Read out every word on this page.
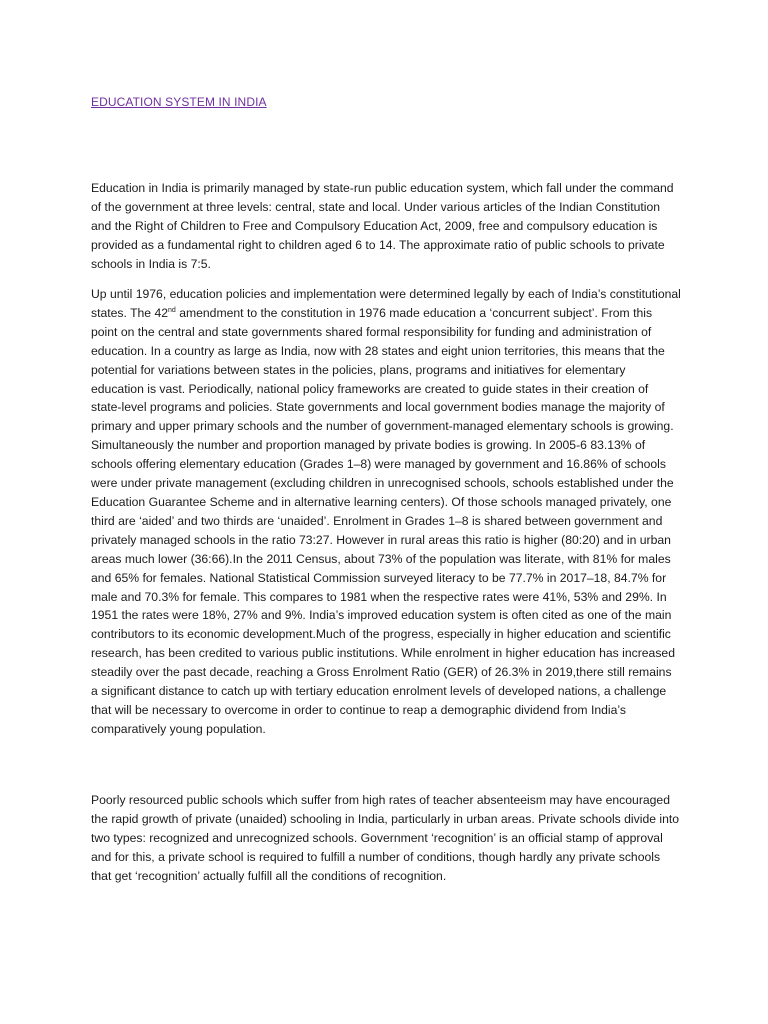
EDUCATION SYSTEM IN INDIA

Education in India is primarily managed by state-run public education system, which fall under the command of the government at three levels: central, state and local. Under various articles of the Indian Constitution and the Right of Children to Free and Compulsory Education Act, 2009, free and compulsory education is provided as a fundamental right to children aged 6 to 14. The approximate ratio of public schools to private schools in India is 7:5.

Up until 1976, education policies and implementation were determined legally by each of India’s constitutional states. The 42nd amendment to the constitution in 1976 made education a ‘concurrent subject’. From this point on the central and state governments shared formal responsibility for funding and administration of education. In a country as large as India, now with 28 states and eight union territories, this means that the potential for variations between states in the policies, plans, programs and initiatives for elementary education is vast. Periodically, national policy frameworks are created to guide states in their creation of state-level programs and policies. State governments and local government bodies manage the majority of primary and upper primary schools and the number of government-managed elementary schools is growing. Simultaneously the number and proportion managed by private bodies is growing. In 2005-6 83.13% of schools offering elementary education (Grades 1–8) were managed by government and 16.86% of schools were under private management (excluding children in unrecognised schools, schools established under the Education Guarantee Scheme and in alternative learning centers). Of those schools managed privately, one third are ‘aided’ and two thirds are ‘unaided’. Enrolment in Grades 1–8 is shared between government and privately managed schools in the ratio 73:27. However in rural areas this ratio is higher (80:20) and in urban areas much lower (36:66).In the 2011 Census, about 73% of the population was literate, with 81% for males and 65% for females. National Statistical Commission surveyed literacy to be 77.7% in 2017–18, 84.7% for male and 70.3% for female. This compares to 1981 when the respective rates were 41%, 53% and 29%. In 1951 the rates were 18%, 27% and 9%. India’s improved education system is often cited as one of the main contributors to its economic development.Much of the progress, especially in higher education and scientific research, has been credited to various public institutions. While enrolment in higher education has increased steadily over the past decade, reaching a Gross Enrolment Ratio (GER) of 26.3% in 2019,there still remains a significant distance to catch up with tertiary education enrolment levels of developed nations, a challenge that will be necessary to overcome in order to continue to reap a demographic dividend from India’s comparatively young population.

Poorly resourced public schools which suffer from high rates of teacher absenteeism may have encouraged the rapid growth of private (unaided) schooling in India, particularly in urban areas. Private schools divide into two types: recognized and unrecognized schools. Government ‘recognition’ is an official stamp of approval and for this, a private school is required to fulfill a number of conditions, though hardly any private schools that get ‘recognition’ actually fulfill all the conditions of recognition.
